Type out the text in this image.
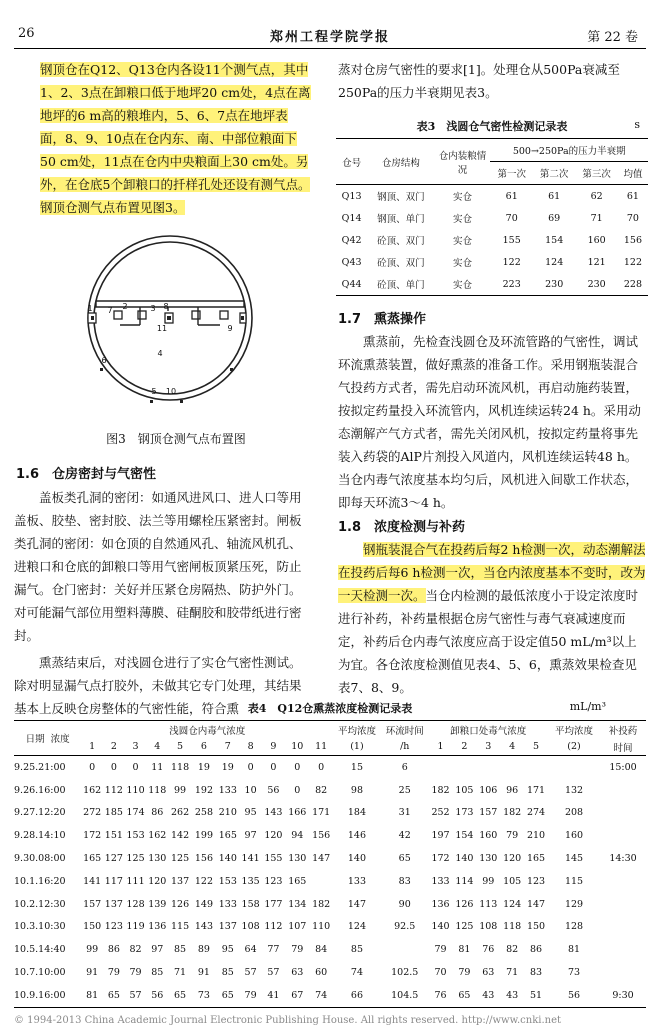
26	郑州工程学院学报	第 22 卷

钢顶仓在Q12、Q13仓内各设11个测气点，其中1、2、3点在卸粮口低于地坪20 cm处，4点在离地坪的6 m高的粮堆内，5、6、7点在地坪表面，8、9、10点在仓内东、南、中部位粮面下50 cm处，11点在仓内中央粮面上30 cm处。另外，在仓底5个卸粮口的扦样孔处还设有测气点。钢顶仓测气点布置见图3。

1 7 2	3 8
11	9
6
4
5 10
图3　钢顶仓测气点布置图
1.6　仓房密封与气密性

盖板类孔洞的密闭：如通风进风口、进人口等用盖板、胶垫、密封胶、法兰等用螺栓压紧密封。闸板类孔洞的密闭：如仓顶的自然通风孔、轴流风机孔、进粮口和仓底的卸粮口等用气密闸板顶紧压死，防止漏气。仓门密封：关好并压紧仓房隔热、防护外门。对可能漏气部位用塑料薄膜、硅酮胶和胶带纸进行密封。

熏蒸结束后，对浅圆仓进行了实仓气密性测试。除对明显漏气点打胶外，未做其它专门处理，其结果基本上反映仓房整体的气密性能，符合熏

蒸对仓房气密性的要求[1]。处理仓从500Pa衰减至250Pa的压力半衰期见表3。

表3　浅圆仓气密性检测记录表	s
仓号	仓房结构	仓内装粮情况	500→250Pa的压力半衰期			
			第一次	第二次	第三次	均值
Q13	钢顶、双门	实仓	61	61	62	61
Q14	钢顶、单门	实仓	70	69	71	70
Q42	砼顶、双门	实仓	155	154	160	156
Q43	砼顶、双门	实仓	122	124	121	122
Q44	砼顶、单门	实仓	223	230	230	228
1.7　熏蒸操作

熏蒸前，先检查浅圆仓及环流管路的气密性，调试环流熏蒸装置，做好熏蒸的准备工作。采用钢瓶装混合气投药方式者，需先启动环流风机，再启动施药装置，按拟定药量投入环流管内，风机连续运转24 h。采用动态潮解产气方式者，需先关闭风机，按拟定药量将事先装入药袋的AlP片剂投入风道内，风机连续运转48 h。当仓内毒气浓度基本均匀后，风机进入间歇工作状态，即每天环流3～4 h。

1.8　浓度检测与补药

钢瓶装混合气在投药后每2 h检测一次，动态潮解法在投药后每6 h检测一次，当仓内浓度基本不变时，改为一天检测一次。当仓内检测的最低浓度小于设定浓度时进行补药，补药量根据仓房气密性与毒气衰减速度而定，补药后仓内毒气浓度应高于设定值50 mL/m³以上为宜。各仓浓度检测值见表4、5、6，熏蒸效果检查见表7、8、9。

表4　Q12仓熏蒸浓度检测记录表	mL/m³
日期 浓度	浅圆仓内毒气浓度											平均浓度	环流时间	卸粮口处毒气浓度					平均浓度	补投药
	1	2	3	4	5	6	7	8	9	10	11	(1)	/h	1	2	3	4	5	(2)	时间
9.25.21:00	0	0	0	11	118	19	19	0	0	0	0	15	6							15:00
9.26.16:00	162	112	110	118	99	192	133	10	56	0	82	98	25	182	105	106	96	171	132	
9.27.12:20	272	185	174	86	262	258	210	95	143	166	171	184	31	252	173	157	182	274	208	
9.28.14:10	172	151	153	162	142	199	165	97	120	94	156	146	42	197	154	160	79	210	160	
9.30.08:00	165	127	125	130	125	156	140	141	155	130	147	140	65	172	140	130	120	165	145	14:30
10.1.16:20	141	117	111	120	137	122	153	135	123	165		133	83	133	114	99	105	123	115	
10.2.12:30	157	137	128	139	126	149	133	158	177	134	182	147	90	136	126	113	124	147	129	
10.3.10:30	150	123	119	136	115	143	137	108	112	107	110	124	92.5	140	125	108	118	150	128	
10.5.14:40	99	86	82	97	85	89	95	64	77	79	84	85		79	81	76	82	86	81	
10.7.10:00	91	79	79	85	71	91	85	57	57	63	60	74	102.5	70	79	63	71	83	73	
10.9.16:00	81	65	57	56	65	73	65	79	41	67	74	66	104.5	76	65	43	43	51	56	9:30
© 1994-2013 China Academic Journal Electronic Publishing House. All rights reserved. http://www.cnki.net
